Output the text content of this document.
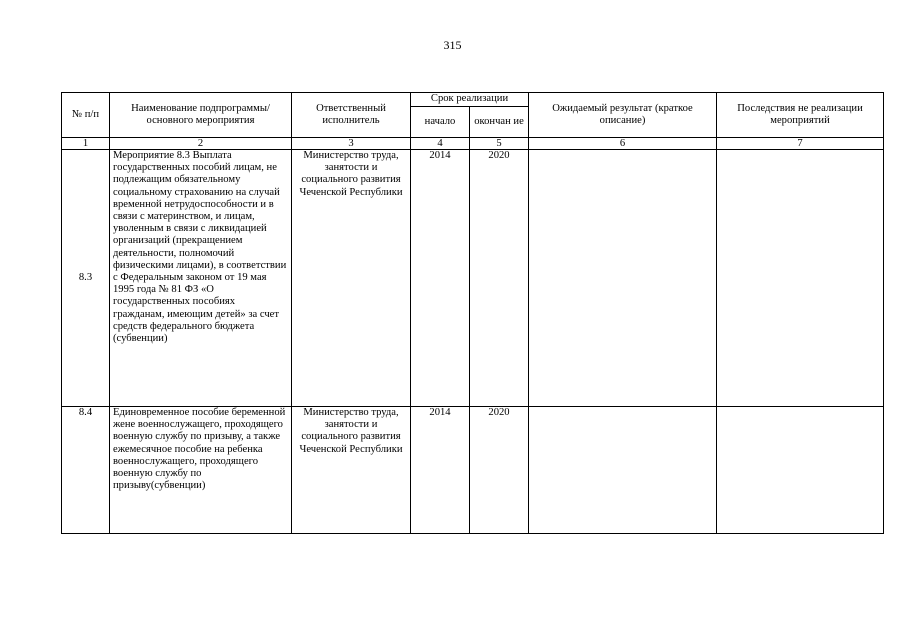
315
№ п/п	Наименование подпрограммы/ основного мероприятия	Ответственный исполнитель	Срок реализации		Ожидаемый результат (краткое описание)	Последствия не реализации мероприятий
			начало	окончан ие		
1	2	3	4	5	6	7
8.3	Мероприятие 8.3 Выплата государственных пособий лицам, не подлежащим обязательному социальному страхованию на случай временной нетрудоспособности и в связи с материнством, и лицам, уволенным в связи с ликвидацией организаций (прекращением деятельности, полномочий физическими лицами), в соответствии с Федеральным законом от 19 мая 1995 года № 81 ФЗ «О государственных пособиях гражданам, имеющим детей» за счет средств федерального бюджета (субвенции)	Министерство труда, занятости и социального развития Чеченской Республики	2014	2020		
8.4	Единовременное пособие беременной жене военнослужащего, проходящего военную службу по призыву, а также ежемесячное пособие на ребенка военнослужащего, проходящего военную службу по призыву(субвенции)	Министерство труда, занятости и социального развития Чеченской Республики	2014	2020		
